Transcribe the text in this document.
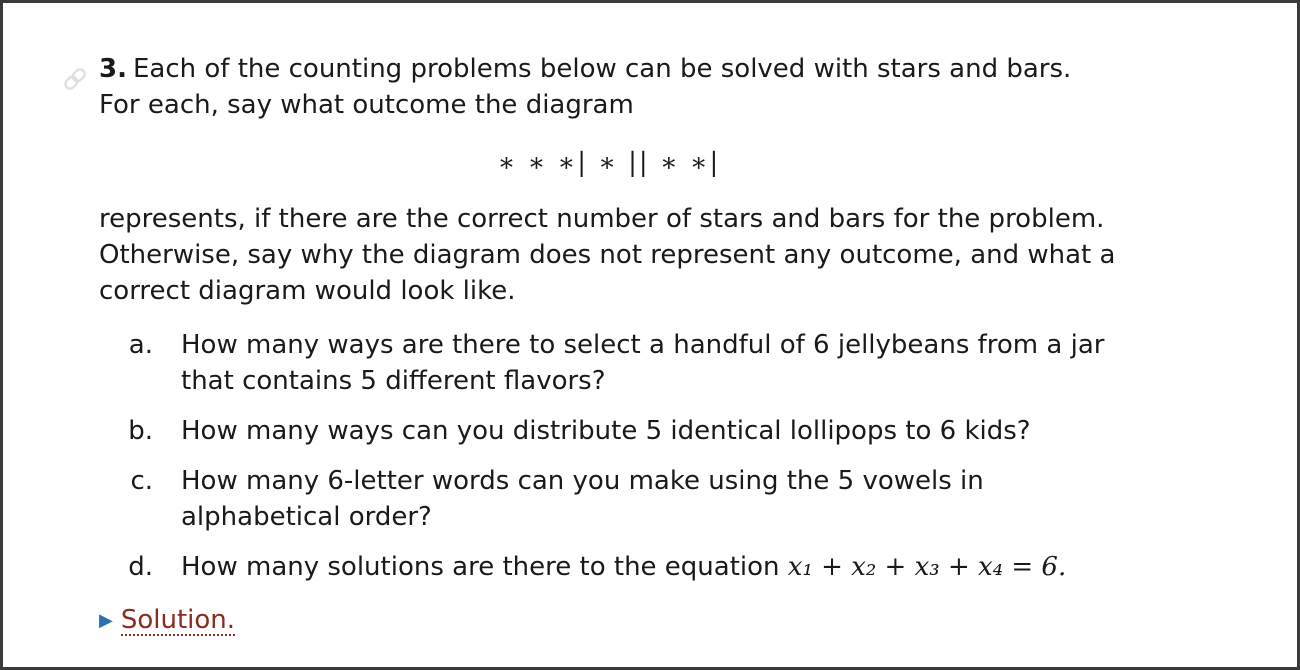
3. Each of the counting problems below can be solved with stars and bars. For each, say what outcome the diagram

∗ ∗ ∗| ∗ || ∗ ∗|

represents, if there are the correct number of stars and bars for the problem. Otherwise, say why the diagram does not represent any outcome, and what a correct diagram would look like.

a.	How many ways are there to select a handful of 6 jellybeans from a jar that contains 5 different flavors?
b.	How many ways can you distribute 5 identical lollipops to 6 kids?
c.	How many 6-letter words can you make using the 5 vowels in alphabetical order?
d.	How many solutions are there to the equation x₁ + x₂ + x₃ + x₄ = 6.
▶ Solution.
